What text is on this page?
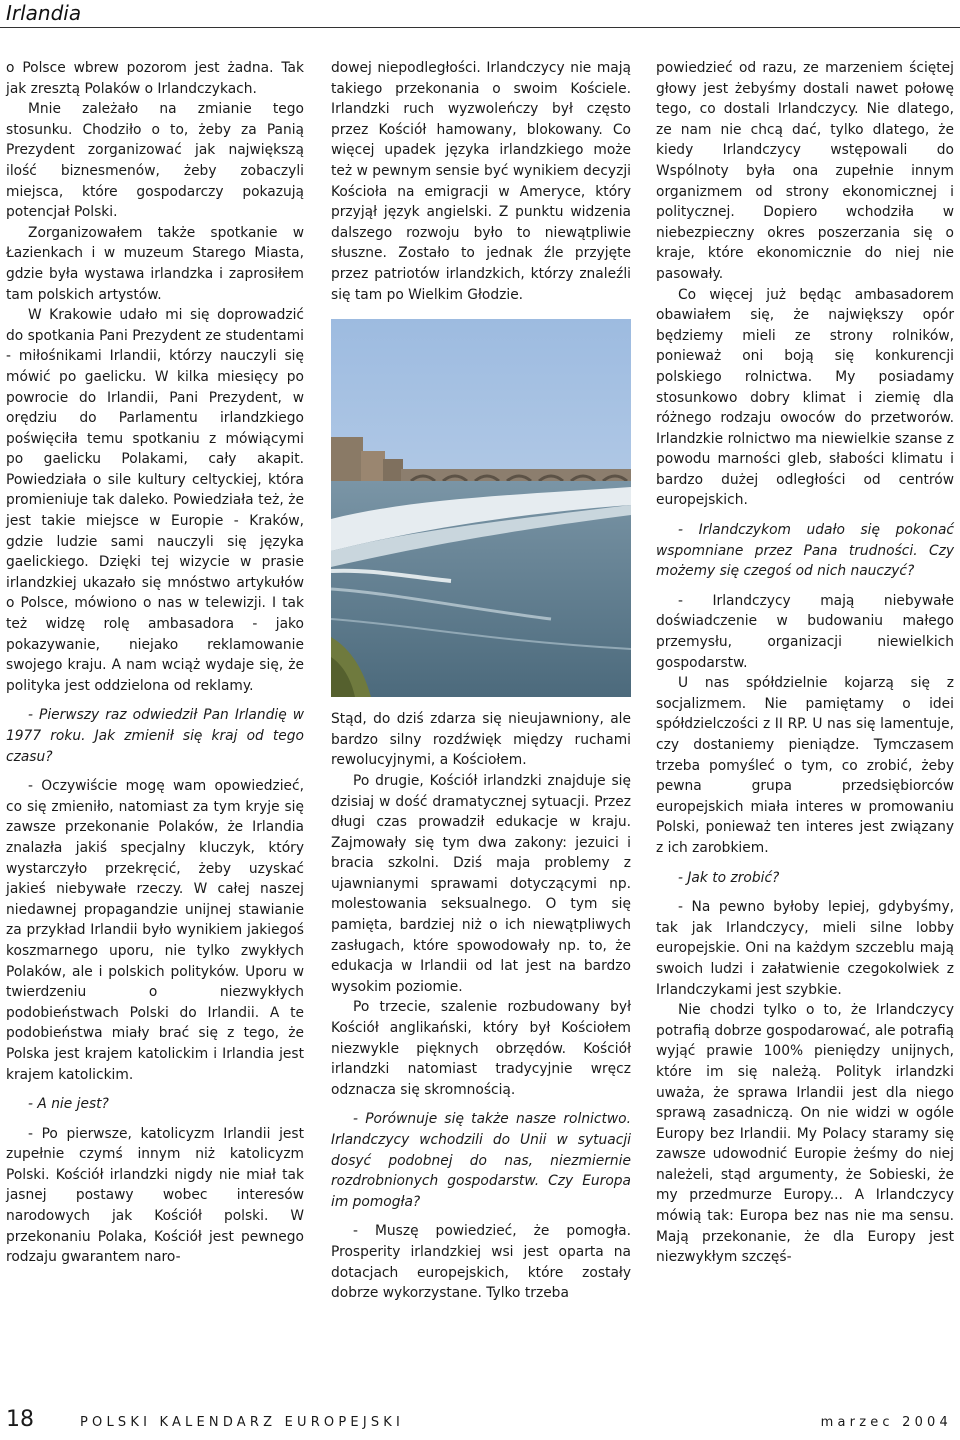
Irlandia

o Polsce wbrew pozorom jest żadna. Tak jak zresztą Polaków o Irlandczykach.

Mnie zależało na zmianie tego stosunku. Chodziło o to, żeby za Panią Prezydent zorganizować jak największą ilość biznesmenów, żeby zobaczyli miejsca, które gospodarczy pokazują potencjał Polski.

Zorganizowałem także spotkanie w Łazienkach i w muzeum Starego Miasta, gdzie była wystawa irlandzka i zaprosiłem tam polskich artystów.

W Krakowie udało mi się doprowadzić do spotkania Pani Prezydent ze studentami - miłośnikami Irlandii, którzy nauczyli się mówić po gaelicku. W kilka miesięcy po powrocie do Irlandii, Pani Prezydent, w orędziu do Parlamentu irlandzkiego poświęciła temu spotkaniu z mówiącymi po gaelicku Polakami, cały akapit. Powiedziała o sile kultury celtyckiej, która promieniuje tak daleko. Powiedziała też, że jest takie miejsce w Europie - Kraków, gdzie ludzie sami nauczyli się języka gaelickiego. Dzięki tej wizycie w prasie irlandzkiej ukazało się mnóstwo artykułów o Polsce, mówiono o nas w telewizji. I tak też widzę rolę ambasadora - jako pokazywanie, niejako reklamowanie swojego kraju. A nam wciąż wydaje się, że polityka jest oddzielona od reklamy.

- Pierwszy raz odwiedził Pan Irlandię w 1977 roku. Jak zmienił się kraj od tego czasu?

- Oczywiście mogę wam opowiedzieć, co się zmieniło, natomiast za tym kryje się zawsze przekonanie Polaków, że Irlandia znalazła jakiś specjalny kluczyk, który wystarczyło przekręcić, żeby uzyskać jakieś niebywałe rzeczy. W całej naszej niedawnej propagandzie unijnej stawianie za przykład Irlandii było wynikiem jakiegoś koszmarnego uporu, nie tylko zwykłych Polaków, ale i polskich polityków. Uporu w twierdzeniu o niezwykłych podobieństwach Polski do Irlandii. A te podobieństwa miały brać się z tego, że Polska jest krajem katolickim i Irlandia jest krajem katolickim.

- A nie jest?

- Po pierwsze, katolicyzm Irlandii jest zupełnie czymś innym niż katolicyzm Polski. Kościół irlandzki nigdy nie miał tak jasnej postawy wobec interesów narodowych jak Kościół polski. W przekonaniu Polaka, Kościół jest pewnego rodzaju gwarantem naro-

dowej niepodległości. Irlandczycy nie mają takiego przekonania o swoim Kościele. Irlandzki ruch wyzwoleńczy był często przez Kościół hamowany, blokowany. Co więcej upadek języka irlandzkiego może też w pewnym sensie być wynikiem decyzji Kościoła na emigracji w Ameryce, który przyjął język angielski. Z punktu widzenia dalszego rozwoju było to niewątpliwie słuszne. Zostało to jednak źle przyjęte przez patriotów irlandzkich, którzy znaleźli się tam po Wielkim Głodzie.

Stąd, do dziś zdarza się nieujawniony, ale bardzo silny rozdźwięk między ruchami rewolucyjnymi, a Kościołem.

Po drugie, Kościół irlandzki znajduje się dzisiaj w dość dramatycznej sytuacji. Przez długi czas prowadził edukacje w kraju. Zajmowały się tym dwa zakony: jezuici i bracia szkolni. Dziś maja problemy z ujawnianymi sprawami dotyczącymi np. molestowania seksualnego. O tym się pamięta, bardziej niż o ich niewątpliwych zasługach, które spowodowały np. to, że edukacja w Irlandii od lat jest na bardzo wysokim poziomie.

Po trzecie, szalenie rozbudowany był Kościół anglikański, który był Kościołem niezwykle pięknych obrzędów. Kościół irlandzki natomiast tradycyjnie wręcz odznacza się skromnością.

- Porównuje się także nasze rolnictwo. Irlandczycy wchodzili do Unii w sytuacji dosyć podobnej do nas, niezmiernie rozdrobnionych gospodarstw. Czy Europa im pomogła?

- Muszę powiedzieć, że pomogła. Prosperity irlandzkiej wsi jest oparta na dotacjach europejskich, które zostały dobrze wykorzystane. Tylko trzeba

powiedzieć od razu, ze marzeniem ściętej głowy jest żebyśmy dostali nawet połowę tego, co dostali Irlandczycy. Nie dlatego, ze nam nie chcą dać, tylko dlatego, że kiedy Irlandczycy wstępowali do Wspólnoty była ona zupełnie innym organizmem od strony ekonomicznej i politycznej. Dopiero wchodziła w niebezpieczny okres poszerzania się o kraje, które ekonomicznie do niej nie pasowały.

Co więcej już będąc ambasadorem obawiałem się, że największy opór będziemy mieli ze strony rolników, ponieważ oni boją się konkurencji polskiego rolnictwa. My posiadamy stosunkowo dobry klimat i ziemię dla różnego rodzaju owoców do przetworów. Irlandzkie rolnictwo ma niewielkie szanse z powodu marności gleb, słabości klimatu i bardzo dużej odległości od centrów europejskich.

- Irlandczykom udało się pokonać wspomniane przez Pana trudności. Czy możemy się czegoś od nich nauczyć?

- Irlandczycy mają niebywałe doświadczenie w budowaniu małego przemysłu, organizacji niewielkich gospodarstw.

U nas spółdzielnie kojarzą się z socjalizmem. Nie pamiętamy o idei spółdzielczości z II RP. U nas się lamentuje, czy dostaniemy pieniądze. Tymczasem trzeba pomyśleć o tym, co zrobić, żeby pewna grupa przedsiębiorców europejskich miała interes w promowaniu Polski, ponieważ ten interes jest związany z ich zarobkiem.

- Jak to zrobić?

- Na pewno byłoby lepiej, gdybyśmy, tak jak Irlandczycy, mieli silne lobby europejskie. Oni na każdym szczeblu mają swoich ludzi i załatwienie czegokolwiek z Irlandczykami jest szybkie.

Nie chodzi tylko o to, że Irlandczycy potrafią dobrze gospodarować, ale potrafią wyjąć prawie 100% pieniędzy unijnych, które im się należą. Polityk irlandzki uważa, że sprawa Irlandii jest dla niego sprawą zasadniczą. On nie widzi w ogóle Europy bez Irlandii. My Polacy staramy się zawsze udowodnić Europie żeśmy do niej należeli, stąd argumenty, że Sobieski, że my przedmurze Europy... A Irlandczycy mówią tak: Europa bez nas nie ma sensu. Mają przekonanie, że dla Europy jest niezwykłym szczęś-

18	POLSKI KALENDARZ EUROPEJSKI	marzec 2004
